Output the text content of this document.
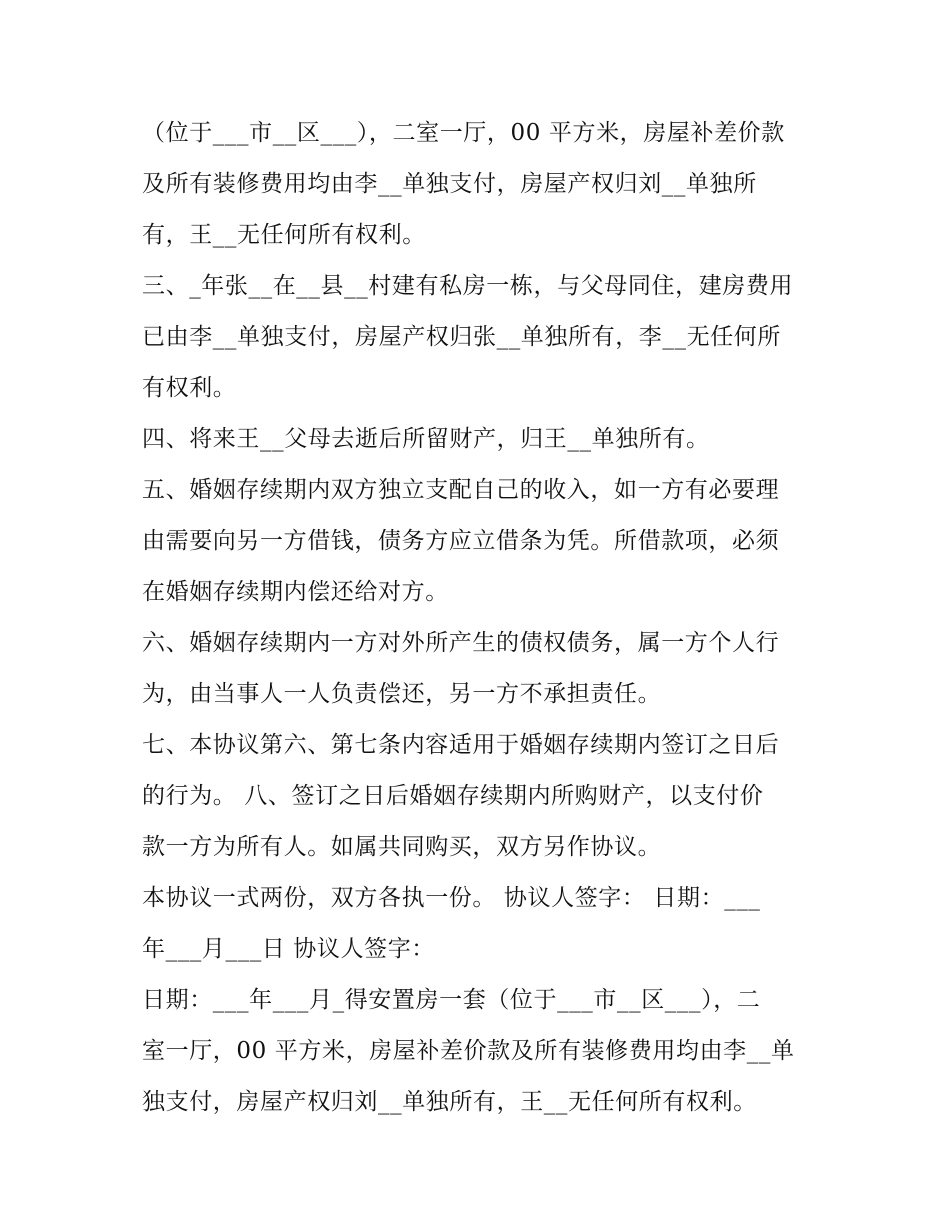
（位于___市__区___），二室一厅，00 平方米，房屋补差价款
及所有装修费用均由李__单独支付，房屋产权归刘__单独所
有，王__无任何所有权利。
三、_年张__在__县__村建有私房一栋，与父母同住，建房费用
已由李__单独支付，房屋产权归张__单独所有，李__无任何所
有权利。
四、将来王__父母去逝后所留财产，归王__单独所有。
五、婚姻存续期内双方独立支配自己的收入，如一方有必要理
由需要向另一方借钱，债务方应立借条为凭。所借款项，必须
在婚姻存续期内偿还给对方。
六、婚姻存续期内一方对外所产生的债权债务，属一方个人行
为，由当事人一人负责偿还，另一方不承担责任。
七、本协议第六、第七条内容适用于婚姻存续期内签订之日后
的行为。 八、签订之日后婚姻存续期内所购财产，以支付价
款一方为所有人。如属共同购买，双方另作协议。
本协议一式两份，双方各执一份。 协议人签字： 日期：___
年___月___日 协议人签字：
日期：___年___月_得安置房一套（位于___市__区___），二
室一厅，00 平方米，房屋补差价款及所有装修费用均由李__单
独支付，房屋产权归刘__单独所有，王__无任何所有权利。
